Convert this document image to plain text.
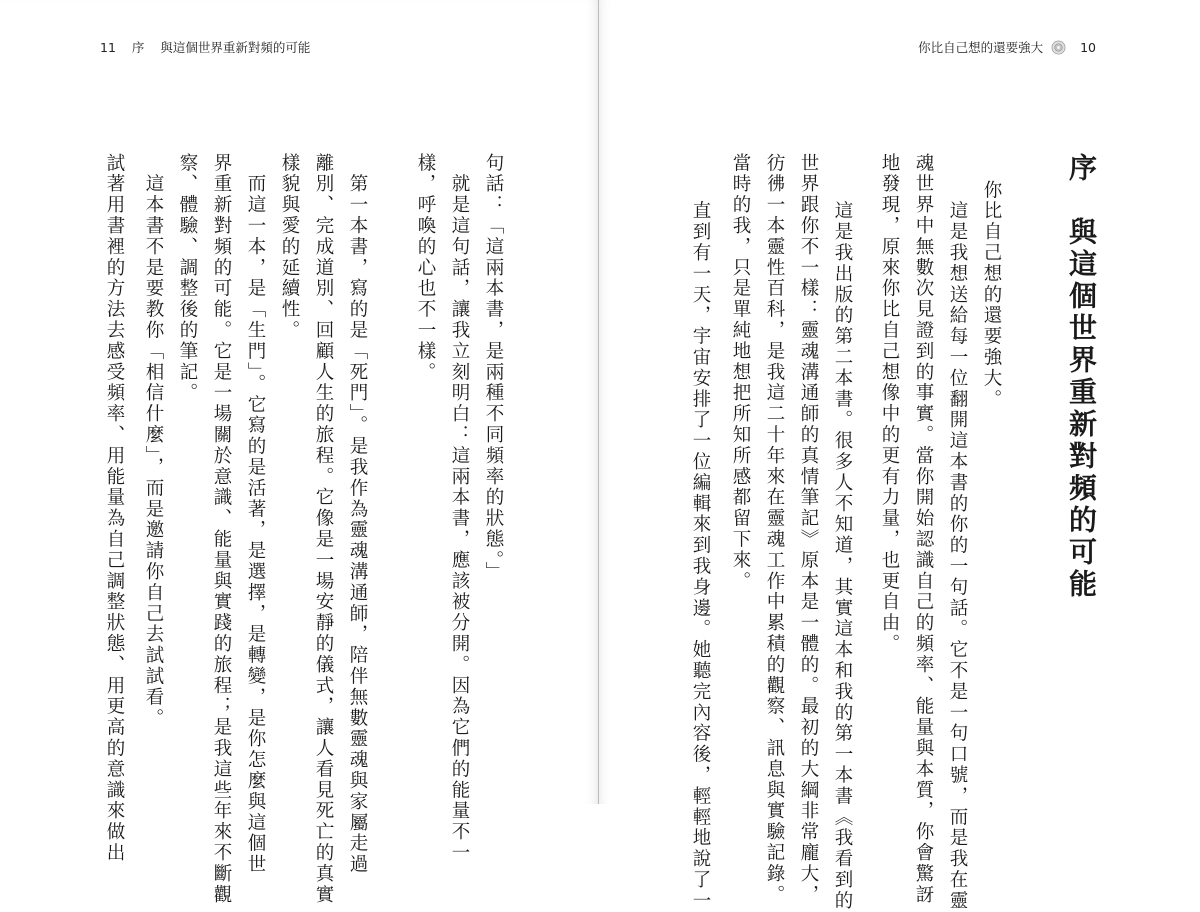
11 序 與這個世界重新對頻的可能
句話：「這兩本書，是兩種不同頻率的狀態。」
　就是這句話，讓我立刻明白：這兩本書，應該被分開。因為它們的能量不一
樣，呼喚的心也不一樣。
　第一本書，寫的是「死門」。是我作為靈魂溝通師，陪伴無數靈魂與家屬走過
離別、完成道別、回顧人生的旅程。它像是一場安靜的儀式，讓人看見死亡的真實
樣貌與愛的延續性。
　而這一本，是「生門」。它寫的是活著，是選擇，是轉變，是你怎麼與這個世
界重新對頻的可能。它是一場關於意識、能量與實踐的旅程；是我這些年來不斷觀
察、體驗、調整後的筆記。
　這本書不是要教你「相信什麼」，而是邀請你自己去試試看。
試著用書裡的方法去感受頻率、用能量為自己調整狀態、用更高的意識來做出
你比自己想的還要強大	10
序　與這個世界重新對頻的可能
你比自己想的還要強大。
　這是我想送給每一位翻開這本書的你的一句話。它不是一句口號，而是我在靈
魂世界中無數次見證到的事實。當你開始認識自己的頻率、能量與本質，你會驚訝
地發現，原來你比自己想像中的更有力量，也更自由。
　這是我出版的第二本書。很多人不知道，其實這本和我的第一本書《我看到的
世界跟你不一樣：靈魂溝通師的真情筆記》原本是一體的。最初的大綱非常龐大，
彷彿一本靈性百科，是我這二十年來在靈魂工作中累積的觀察、訊息與實驗記錄。
當時的我，只是單純地想把所知所感都留下來。
　直到有一天，宇宙安排了一位編輯來到我身邊。她聽完內容後，輕輕地說了一
